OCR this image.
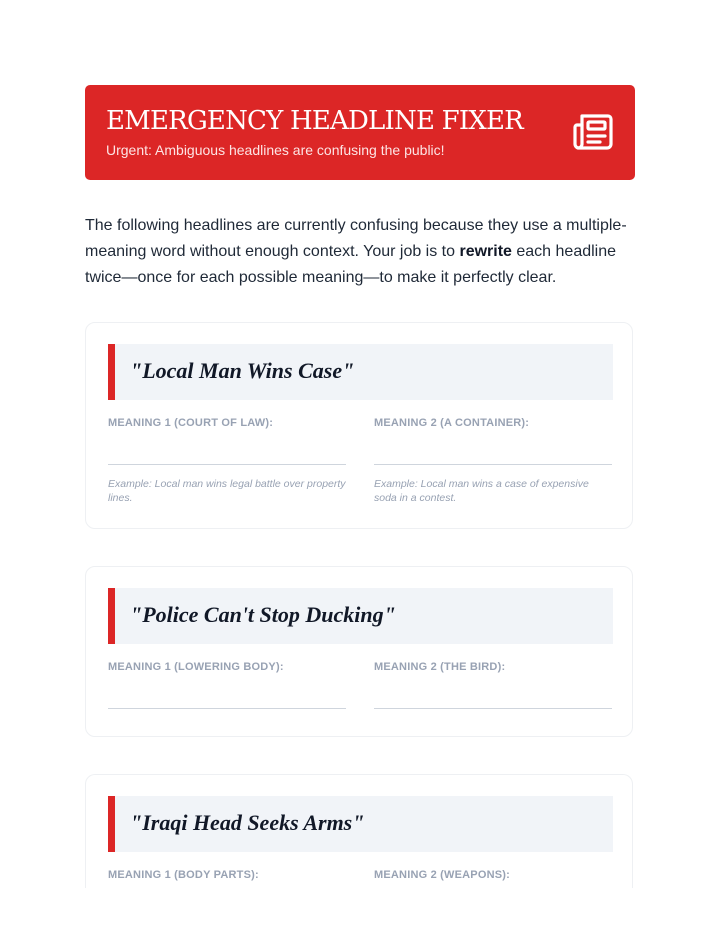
EMERGENCY HEADLINE FIXER
Urgent: Ambiguous headlines are confusing the public!
The following headlines are currently confusing because they use a multiple-meaning word without enough context. Your job is to rewrite each headline twice—once for each possible meaning—to make it perfectly clear.
"Local Man Wins Case"
MEANING 1 (COURT OF LAW):
Example: Local man wins legal battle over property lines.
MEANING 2 (A CONTAINER):
Example: Local man wins a case of expensive soda in a contest.
"Police Can't Stop Ducking"
MEANING 1 (LOWERING BODY):	MEANING 2 (THE BIRD):
"Iraqi Head Seeks Arms"
MEANING 1 (BODY PARTS):	MEANING 2 (WEAPONS):
